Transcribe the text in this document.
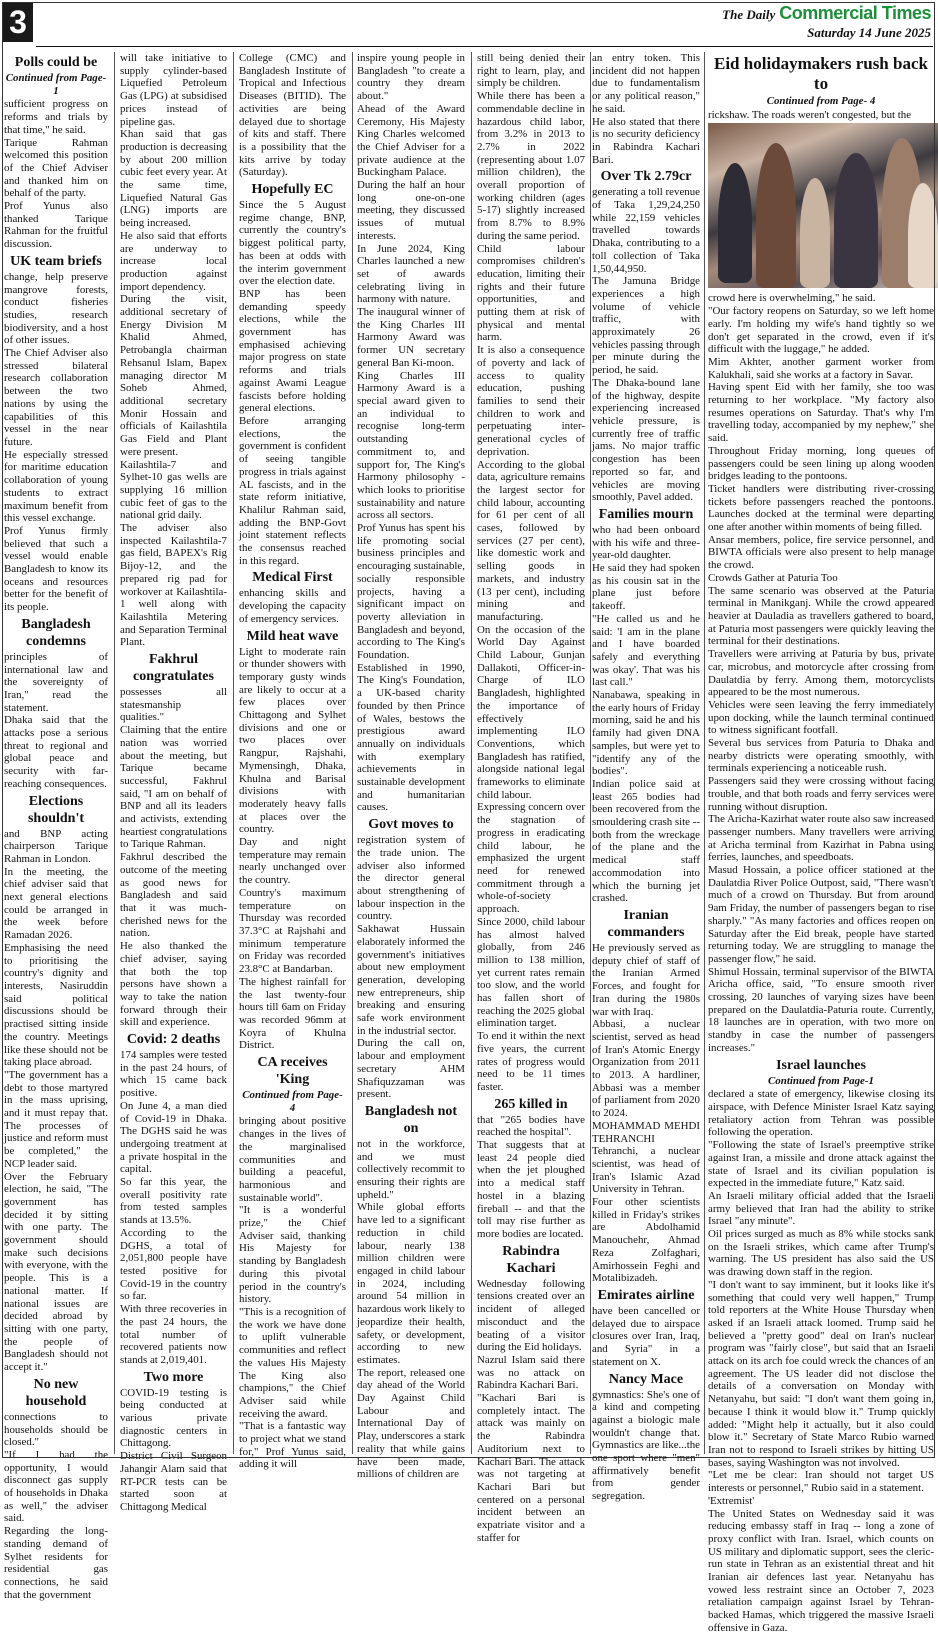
3	The Daily Commercial Times
Saturday 14 June 2025
Polls could be
Continued from Page-1

sufficient progress on reforms and trials by that time," he said.

Tarique Rahman welcomed this position of the Chief Adviser and thanked him on behalf of the party.

Prof Yunus also thanked Tarique Rahman for the fruitful discussion.

UK team briefs

change, help preserve mangrove forests, conduct fisheries studies, research biodiversity, and a host of other issues.

The Chief Adviser also stressed bilateral research collaboration between the two nations by using the capabilities of this vessel in the near future.

He especially stressed for maritime education collaboration of young students to extract maximum benefit from this vessel exchange.

Prof Yunus firmly believed that such a vessel would enable Bangladesh to know its oceans and resources better for the benefit of its people.

Bangladesh condemns

principles of international law and the sovereignty of Iran," read the statement.

Dhaka said that the attacks pose a serious threat to regional and global peace and security with far-reaching consequences.

Elections shouldn't

and BNP acting chairperson Tarique Rahman in London.

In the meeting, the chief adviser said that next general elections could be arranged in the week before Ramadan 2026.

Emphasising the need to prioritising the country's dignity and interests, Nasiruddin said political discussions should be practised sitting inside the country. Meetings like these should not be taking place abroad.

"The government has a debt to those martyred in the mass uprising, and it must repay that. The processes of justice and reform must be completed," the NCP leader said.

Over the February election, he said, "The government has decided it by sitting with one party. The government should make such decisions with everyone, with the people. This is a national matter. If national issues are decided abroad by sitting with one party, the people of Bangladesh should not accept it."

No new household

connections to households should be closed."

"If I had the opportunity, I would disconnect gas supply of households in Dhaka as well," the adviser said.

Regarding the long-standing demand of Sylhet residents for residential gas connections, he said that the government

will take initiative to supply cylinder-based Liquefied Petroleum Gas (LPG) at subsidised prices instead of pipeline gas.

Khan said that gas production is decreasing by about 200 million cubic feet every year. At the same time, Liquefied Natural Gas (LNG) imports are being increased.

He also said that efforts are underway to increase local production against import dependency.

During the visit, additional secretary of Energy Division M Khalid Ahmed, Petrobangla chairman Rehsanul Islam, Bapex managing director M Soheb Ahmed, additional secretary Monir Hossain and officials of Kailashtila Gas Field and Plant were present.

Kailashtila-7 and Sylhet-10 gas wells are supplying 16 million cubic feet of gas to the national grid daily.

The adviser also inspected Kailashtila-7 gas field, BAPEX's Rig Bijoy-12, and the prepared rig pad for workover at Kailashtila-1 well along with Kailashtila Metering and Separation Terminal Plant.

Fakhrul congratulates

possesses all statesmanship qualities."

Claiming that the entire nation was worried about the meeting, but Tarique became successful, Fakhrul said, "I am on behalf of BNP and all its leaders and activists, extending heartiest congratulations to Tarique Rahman.

Fakhrul described the outcome of the meeting as good news for Bangladesh and said that it was much-cherished news for the nation.

He also thanked the chief adviser, saying that both the top persons have shown a way to take the nation forward through their skill and experience.

Covid: 2 deaths

174 samples were tested in the past 24 hours, of which 15 came back positive.

On June 4, a man died of Covid-19 in Dhaka. The DGHS said he was undergoing treatment at a private hospital in the capital.

So far this year, the overall positivity rate from tested samples stands at 13.5%.

According to the DGHS, a total of 2,051,800 people have tested positive for Covid-19 in the country so far.

With three recoveries in the past 24 hours, the total number of recovered patients now stands at 2,019,401.

Two more

COVID-19 testing is being conducted at various private diagnostic centers in Chittagong.

District Civil Surgeon Jahangir Alam said that RT-PCR tests can be started soon at Chittagong Medical

College (CMC) and Bangladesh Institute of Tropical and Infectious Diseases (BITID). The activities are being delayed due to shortage of kits and staff. There is a possibility that the kits arrive by today (Saturday).

Hopefully EC

Since the 5 August regime change, BNP, currently the country's biggest political party, has been at odds with the interim government over the election date.

BNP has been demanding speedy elections, while the government has emphasised achieving major progress on state reforms and trials against Awami League fascists before holding general elections.

Before arranging elections, the government is confident of seeing tangible progress in trials against AL fascists, and in the state reform initiative, Khalilur Rahman said, adding the BNP-Govt joint statement reflects the consensus reached in this regard.

Medical First

enhancing skills and developing the capacity of emergency services.

Mild heat wave

Light to moderate rain or thunder showers with temporary gusty winds are likely to occur at a few places over Chittagong and Sylhet divisions and one or two places over Rangpur, Rajshahi, Mymensingh, Dhaka, Khulna and Barisal divisions with moderately heavy falls at places over the country.

Day and night temperature may remain nearly unchanged over the country.

Country's maximum temperature on Thursday was recorded 37.3°C at Rajshahi and minimum temperature on Friday was recorded 23.8°C at Bandarban.

The highest rainfall for the last twenty-four hours till 6am on Friday was recorded 96mm at Koyra of Khulna District.

CA receives 'King
Continued from Page- 4

bringing about positive changes in the lives of the marginalised communities and building a peaceful, harmonious and sustainable world".

"It is a wonderful prize," the Chief Adviser said, thanking His Majesty for standing by Bangladesh during this pivotal period in the country's history.

"This is a recognition of the work we have done to uplift vulnerable communities and reflect the values His Majesty The King also champions," the Chief Adviser said while receiving the award.

"That is a fantastic way to project what we stand for," Prof Yunus said, adding it will

inspire young people in Bangladesh "to create a country they dream about."

Ahead of the Award Ceremony, His Majesty King Charles welcomed the Chief Adviser for a private audience at the Buckingham Palace.

During the half an hour long one-on-one meeting, they discussed issues of mutual interests.

In June 2024, King Charles launched a new set of awards celebrating living in harmony with nature.

The inaugural winner of the King Charles III Harmony Award was former UN secretary general Ban Ki-moon.

King Charles III Harmony Award is a special award given to an individual to recognise long-term outstanding commitment to, and support for, The King's Harmony philosophy - which looks to prioritise sustainability and nature across all sectors.

Prof Yunus has spent his life promoting social business principles and encouraging sustainable, socially responsible projects, having a significant impact on poverty alleviation in Bangladesh and beyond, according to The King's Foundation.

Established in 1990, The King's Foundation, a UK-based charity founded by then Prince of Wales, bestows the prestigious award annually on individuals with exemplary achievements in sustainable development and humanitarian causes.

Govt moves to

registration system of the trade union. The adviser also informed the director general about strengthening of labour inspection in the country.

Sakhawat Hussain elaborately informed the government's initiatives about new employment generation, developing new entrepreneurs, ship breaking and ensuring safe work environment in the industrial sector.

During the call on, labour and employment secretary AHM Shafiquzzaman was present.

Bangladesh not on

not in the workforce, and we must collectively recommit to ensuring their rights are upheld."

While global efforts have led to a significant reduction in child labour, nearly 138 million children were engaged in child labour in 2024, including around 54 million in hazardous work likely to jeopardize their health, safety, or development, according to new estimates.

The report, released one day ahead of the World Day Against Child Labour and International Day of Play, underscores a stark reality that while gains have been made, millions of children are

still being denied their right to learn, play, and simply be children.

While there has been a commendable decline in hazardous child labor, from 3.2% in 2013 to 2.7% in 2022 (representing about 1.07 million children), the overall proportion of working children (ages 5-17) slightly increased from 8.7% to 8.9% during the same period.

Child labour compromises children's education, limiting their rights and their future opportunities, and putting them at risk of physical and mental harm.

It is also a consequence of poverty and lack of access to quality education, pushing families to send their children to work and perpetuating inter-generational cycles of deprivation.

According to the global data, agriculture remains the largest sector for child labour, accounting for 61 per cent of all cases, followed by services (27 per cent), like domestic work and selling goods in markets, and industry (13 per cent), including mining and manufacturing.

On the occasion of the World Day Against Child Labour, Gunjan Dallakoti, Officer-in-Charge of ILO Bangladesh, highlighted the importance of effectively implementing ILO Conventions, which Bangladesh has ratified, alongside national legal frameworks to eliminate child labour.

Expressing concern over the stagnation of progress in eradicating child labour, he emphasized the urgent need for renewed commitment through a whole-of-society approach.

Since 2000, child labour has almost halved globally, from 246 million to 138 million, yet current rates remain too slow, and the world has fallen short of reaching the 2025 global elimination target.

To end it within the next five years, the current rates of progress would need to be 11 times faster.

265 killed in

that "265 bodies have reached the hospital".

That suggests that at least 24 people died when the jet ploughed into a medical staff hostel in a blazing fireball -- and that the toll may rise further as more bodies are located.

Rabindra Kachari

Wednesday following tensions created over an incident of alleged misconduct and the beating of a visitor during the Eid holidays.

Nazrul Islam said there was no attack on Rabindra Kachari Bari.

"Kachari Bari is completely intact. The attack was mainly on the Rabindra Auditorium next to Kachari Bari. The attack was not targeting at Kachari Bari but centered on a personal incident between an expatriate visitor and a staffer for

an entry token. This incident did not happen due to fundamentalism or any political reason," he said.

He also stated that there is no security deficiency in Rabindra Kachari Bari.

Over Tk 2.79cr

generating a toll revenue of Taka 1,29,24,250 while 22,159 vehicles travelled towards Dhaka, contributing to a toll collection of Taka 1,50,44,950.

The Jamuna Bridge experiences a high volume of vehicle traffic, with approximately 26 vehicles passing through per minute during the period, he said.

The Dhaka-bound lane of the highway, despite experiencing increased vehicle pressure, is currently free of traffic jams. No major traffic congestion has been reported so far, and vehicles are moving smoothly, Pavel added.

Families mourn

who had been onboard with his wife and three-year-old daughter.

He said they had spoken as his cousin sat in the plane just before takeoff.

"He called us and he said: 'I am in the plane and I have boarded safely and everything was okay'. That was his last call."

Nanabawa, speaking in the early hours of Friday morning, said he and his family had given DNA samples, but were yet to "identify any of the bodies".

Indian police said at least 265 bodies had been recovered from the smouldering crash site -- both from the wreckage of the plane and the medical staff accommodation into which the burning jet crashed.

Iranian commanders

He previously served as deputy chief of staff of the Iranian Armed Forces, and fought for Iran during the 1980s war with Iraq.

Abbasi, a nuclear scientist, served as head of Iran's Atomic Energy Organization from 2011 to 2013. A hardliner, Abbasi was a member of parliament from 2020 to 2024.

MOHAMMAD MEHDI TEHRANCHI

Tehranchi, a nuclear scientist, was head of Iran's Islamic Azad University in Tehran.

Four other scientists killed in Friday's strikes are Abdolhamid Manouchehr, Ahmad Reza Zolfaghari, Amirhossein Feghi and Motalibizadeh.

Emirates airline

have been cancelled or delayed due to airspace closures over Iran, Iraq, and Syria" in a statement on X.

Nancy Mace

gymnastics: She's one of a kind and competing against a biologic male wouldn't change that. Gymnastics are like...the one sport where "men" affirmatively benefit from gender segregation.

Eid holidaymakers rush back to
Continued from Page- 4

rickshaw. The roads weren't congested, but the

crowd here is overwhelming," he said.

"Our factory reopens on Saturday, so we left home early. I'm holding my wife's hand tightly so we don't get separated in the crowd, even if it's difficult with the luggage," he added.

Mim Akhter, another garment worker from Kalukhali, said she works at a factory in Savar.

Having spent Eid with her family, she too was returning to her workplace. "My factory also resumes operations on Saturday. That's why I'm travelling today, accompanied by my nephew," she said.

Throughout Friday morning, long queues of passengers could be seen lining up along wooden bridges leading to the pontoons.

Ticket handlers were distributing river-crossing tickets before passengers reached the pontoons. Launches docked at the terminal were departing one after another within moments of being filled.

Ansar members, police, fire service personnel, and BIWTA officials were also present to help manage the crowd.

Crowds Gather at Paturia Too

The same scenario was observed at the Paturia terminal in Manikganj. While the crowd appeared heavier at Dauladia as travellers gathered to board, at Paturia most passengers were quickly leaving the terminal for their destinations.

Travellers were arriving at Paturia by bus, private car, microbus, and motorcycle after crossing from Daulatdia by ferry. Among them, motorcyclists appeared to be the most numerous.

Vehicles were seen leaving the ferry immediately upon docking, while the launch terminal continued to witness significant footfall.

Several bus services from Paturia to Dhaka and nearby districts were operating smoothly, with terminals experiencing a noticeable rush.

Passengers said they were crossing without facing trouble, and that both roads and ferry services were running without disruption.

The Aricha-Kazirhat water route also saw increased passenger numbers. Many travellers were arriving at Aricha terminal from Kazirhat in Pabna using ferries, launches, and speedboats.

Masud Hossain, a police officer stationed at the Daulatdia River Police Outpost, said, "There wasn't much of a crowd on Thursday. But from around 9am Friday, the number of passengers began to rise sharply." "As many factories and offices reopen on Saturday after the Eid break, people have started returning today. We are struggling to manage the passenger flow," he said.

Shimul Hossain, terminal supervisor of the BIWTA Aricha office, said, "To ensure smooth river crossing, 20 launches of varying sizes have been prepared on the Daulatdia-Paturia route. Currently, 18 launches are in operation, with two more on standby in case the number of passengers increases."

Israel launches
Continued from Page-1

declared a state of emergency, likewise closing its airspace, with Defence Minister Israel Katz saying retaliatory action from Tehran was possible following the operation.

"Following the state of Israel's preemptive strike against Iran, a missile and drone attack against the state of Israel and its civilian population is expected in the immediate future," Katz said.

An Israeli military official added that the Israeli army believed that Iran had the ability to strike Israel "any minute".

Oil prices surged as much as 8% while stocks sank on the Israeli strikes, which came after Trump's warning. The US president has also said the US was drawing down staff in the region.

"I don't want to say imminent, but it looks like it's something that could very well happen," Trump told reporters at the White House Thursday when asked if an Israeli attack loomed. Trump said he believed a "pretty good" deal on Iran's nuclear program was "fairly close", but said that an Israeli attack on its arch foe could wreck the chances of an agreement. The US leader did not disclose the details of a conversation on Monday with Netanyahu, but said: "I don't want them going in, because I think it would blow it." Trump quickly added: "Might help it actually, but it also could blow it." Secretary of State Marco Rubio warned Iran not to respond to Israeli strikes by hitting US bases, saying Washington was not involved.

"Let me be clear: Iran should not target US interests or personnel," Rubio said in a statement.

'Extremist'

The United States on Wednesday said it was reducing embassy staff in Iraq -- long a zone of proxy conflict with Iran. Israel, which counts on US military and diplomatic support, sees the cleric-run state in Tehran as an existential threat and hit Iranian air defences last year. Netanyahu has vowed less restraint since an October 7, 2023 retaliation campaign against Israel by Tehran-backed Hamas, which triggered the massive Israeli offensive in Gaza.
